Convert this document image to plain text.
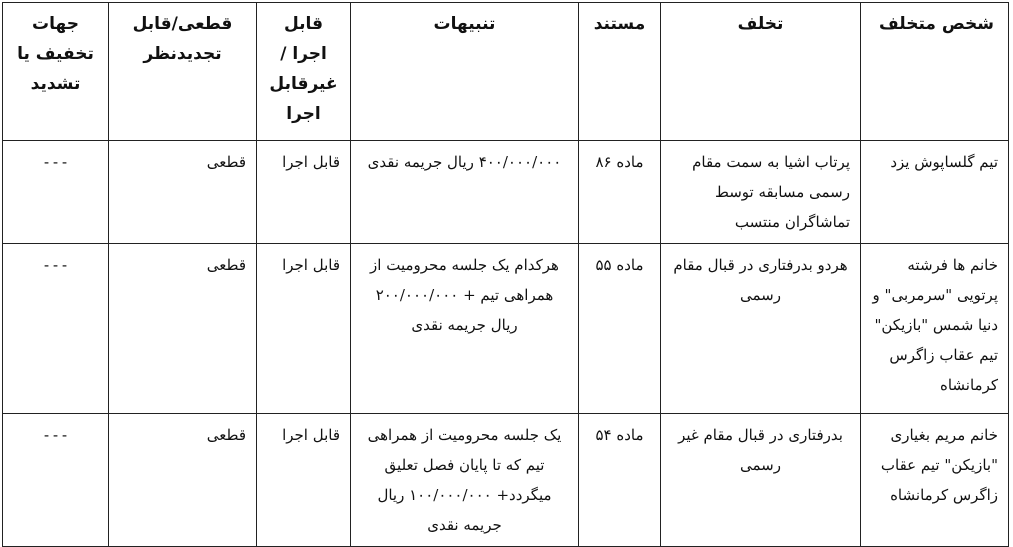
شخص متخلف	تخلف	مستند	تنبیهات	قابل اجرا /غیرقابل اجرا	قطعی/قابل تجدیدنظر	جهات تخفیف یا تشدید
تیم گلساپوش یزد	پرتاب اشیا به سمت مقام رسمی مسابقه توسط تماشاگران منتسب	ماده ۸۶	۴۰۰/۰۰۰/۰۰۰ ریال جریمه نقدی	قابل اجرا	قطعی	---
خانم ها فرشته پرتویی "سرمربی" و دنیا شمس "بازیکن" تیم عقاب زاگرس کرمانشاه	هردو بدرفتاری در قبال مقام رسمی	ماده ۵۵	هرکدام یک جلسه محرومیت از همراهی تیم + ۲۰۰/۰۰۰/۰۰۰ ریال جریمه نقدی	قابل اجرا	قطعی	---
خانم مریم بغیاری "بازیکن" تیم عقاب زاگرس کرمانشاه	بدرفتاری در قبال مقام غیر رسمی	ماده ۵۴	یک جلسه محرومیت از همراهی تیم که تا پایان فصل تعلیق میگردد+ ۱۰۰/۰۰۰/۰۰۰ ریال جریمه نقدی	قابل اجرا	قطعی	---
